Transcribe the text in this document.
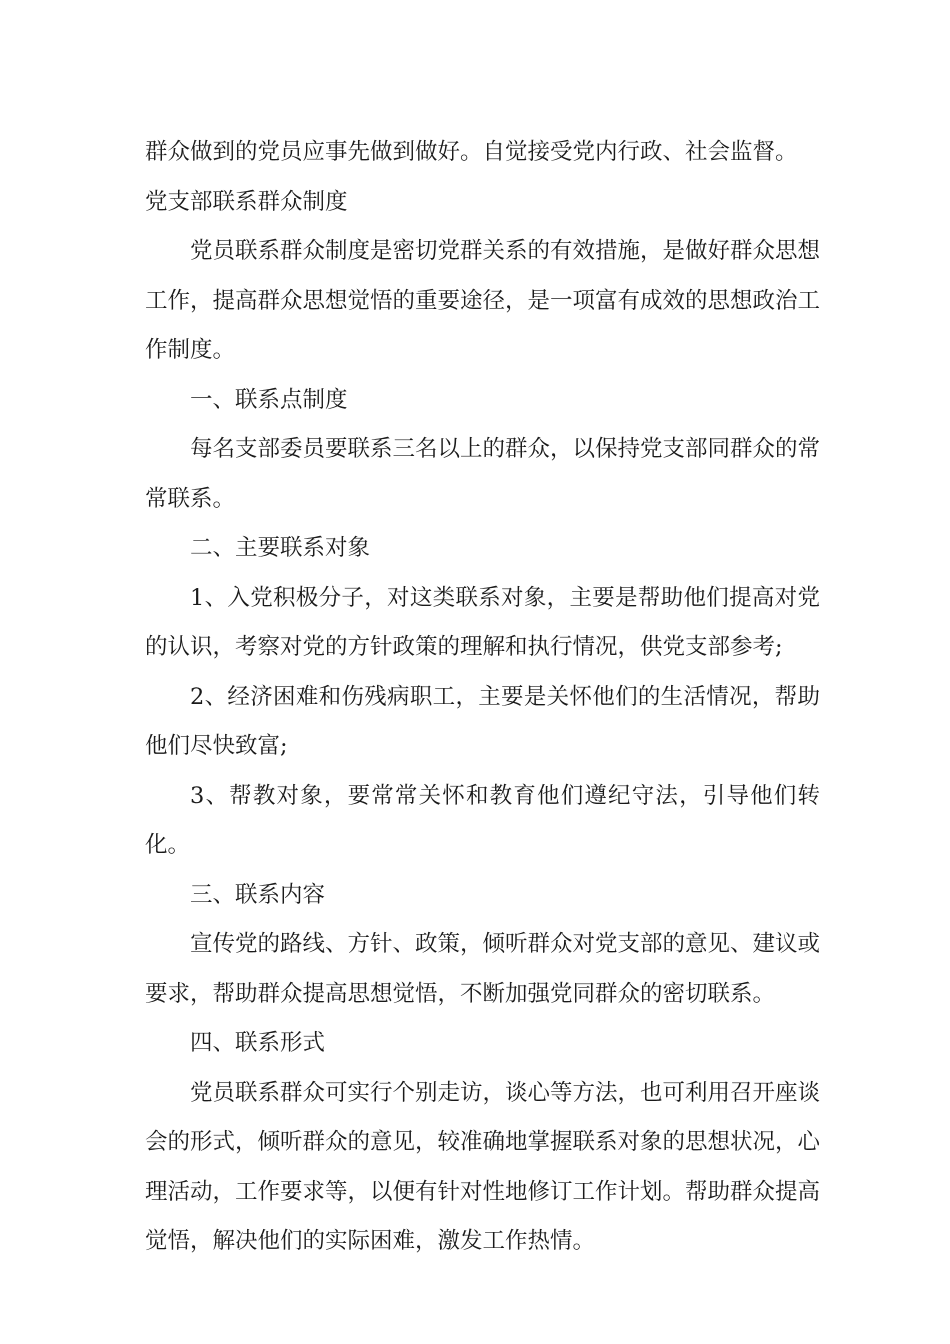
群众做到的党员应事先做到做好。自觉接受党内行政、社会监督。

党支部联系群众制度

党员联系群众制度是密切党群关系的有效措施，是做好群众思想工作，提高群众思想觉悟的重要途径，是一项富有成效的思想政治工作制度。

一、联系点制度

每名支部委员要联系三名以上的群众，以保持党支部同群众的常常联系。

二、主要联系对象

1、入党积极分子，对这类联系对象，主要是帮助他们提高对党的认识，考察对党的方针政策的理解和执行情况，供党支部参考;

2、经济困难和伤残病职工，主要是关怀他们的生活情况，帮助他们尽快致富;

3、帮教对象，要常常关怀和教育他们遵纪守法，引导他们转化。

三、联系内容

宣传党的路线、方针、政策，倾听群众对党支部的意见、建议或要求，帮助群众提高思想觉悟，不断加强党同群众的密切联系。

四、联系形式

党员联系群众可实行个别走访，谈心等方法，也可利用召开座谈会的形式，倾听群众的意见，较准确地掌握联系对象的思想状况，心理活动，工作要求等，以便有针对性地修订工作计划。帮助群众提高觉悟，解决他们的实际困难，激发工作热情。
